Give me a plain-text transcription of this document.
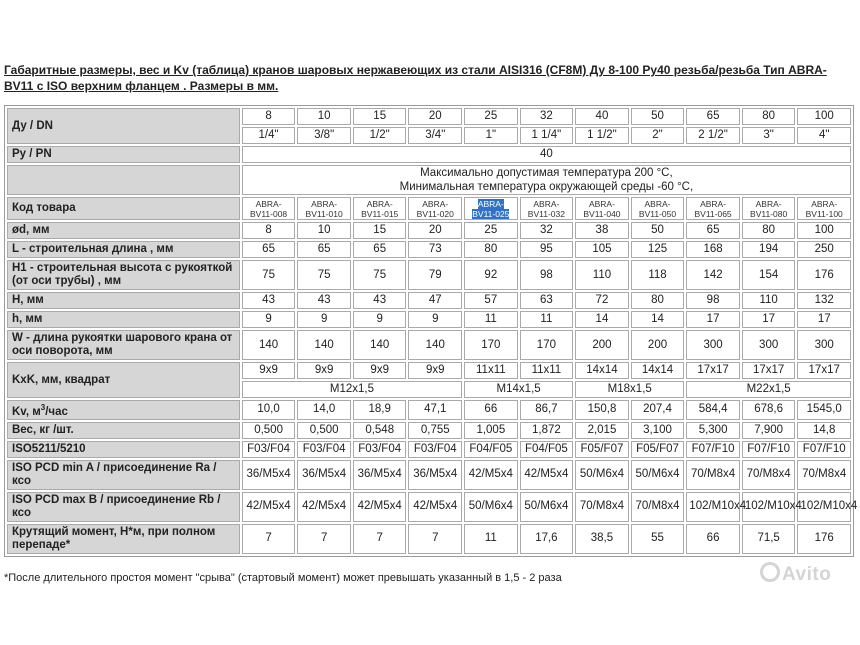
Габаритные размеры, вес и Kv (таблица) кранов шаровых нержавеющих из стали AISI316 (CF8M) Ду 8-100 Ру40 резьба/резьба Тип ABRA-BV11 с ISO верхним фланцем . Размеры в мм.
Ду / DN	8	10	15	20	25	32	40	50	65	80	100
	1/4"	3/8"	1/2"	3/4"	1"	1 1/4"	1 1/2"	2"	2 1/2"	3"	4"
Ру / PN	40										
	Максимально допустимая температура 200 °C,
Минимальная температура окружающей среды -60 °C,										
Код товара	ABRA-BV11-008	ABRA-BV11-010	ABRA-BV11-015	ABRA-BV11-020	ABRA-BV11-025	ABRA-BV11-032	ABRA-BV11-040	ABRA-BV11-050	ABRA-BV11-065	ABRA-BV11-080	ABRA-BV11-100
ød, мм	8	10	15	20	25	32	38	50	65	80	100
L - строительная длина , мм	65	65	65	73	80	95	105	125	168	194	250
H1 - строительная высота с рукояткой (от оси трубы) , мм	75	75	75	79	92	98	110	118	142	154	176
H, мм	43	43	43	47	57	63	72	80	98	110	132
h, мм	9	9	9	9	11	11	14	14	17	17	17
W - длина рукоятки шарового крана от оси поворота, мм	140	140	140	140	170	170	200	200	300	300	300
KxK, мм, квадрат	9x9	9x9	9x9	9x9	11x11	11x11	14x14	14x14	17x17	17x17	17x17
	M12x1,5				M14x1,5		M18x1,5		M22x1,5		
Kv, $м^3$/час	10,0	14,0	18,9	47,1	66	86,7	150,8	207,4	584,4	678,6	1545,0
Вес, кг /шт.	0,500	0,500	0,548	0,755	1,005	1,872	2,015	3,100	5,300	7,900	14,8
ISO5211/5210	F03/F04	F03/F04	F03/F04	F03/F04	F04/F05	F04/F05	F05/F07	F05/F07	F07/F10	F07/F10	F07/F10
ISO PCD min A / присоединение Ra / ксо	36/M5x4	36/M5x4	36/M5x4	36/M5x4	42/M5x4	42/M5x4	50/M6x4	50/M6x4	70/M8x4	70/M8x4	70/M8x4
ISO PCD max B / присоединение Rb / ксо	42/M5x4	42/M5x4	42/M5x4	42/M5x4	50/M6x4	50/M6x4	70/M8x4	70/M8x4	102/M10x4	102/M10x4	102/M10x4
Крутящий момент, Н*м, при полном перепаде*	7	7	7	7	11	17,6	38,5	55	66	71,5	176
*После длительного простоя момент "срыва" (стартовый момент) может превышать указанный в 1,5 - 2 раза	Avito
